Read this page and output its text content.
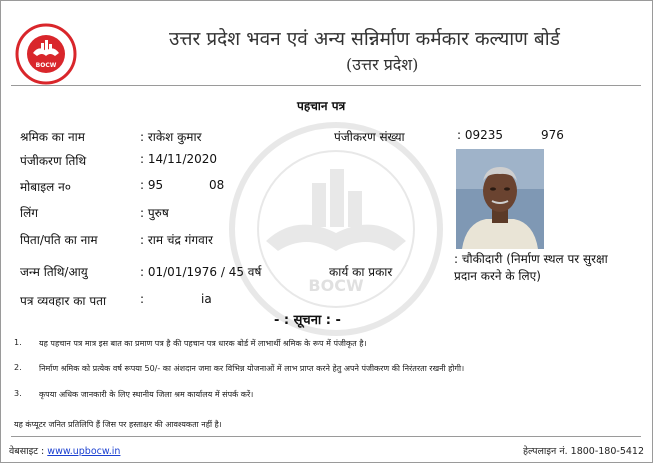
BOCW
उत्तर प्रदेश भवन एवं अन्य सन्निर्माण कर्मकार कल्याण बोर्ड
(उत्तर प्रदेश)
पहचान पत्र
BOCW
श्रमिक का नाम	: राकेश कुमार
पंजीकरण तिथि	: 14/11/2020
मोबाइल न०	: 95	08
लिंग	: पुरुष
पिता/पति का नाम	: राम चंद्र गंगवार
जन्म तिथि/आयु	: 01/01/1976 / 45 वर्ष
पत्र व्यवहार का पता	:	ia
पंजीकरण संख्या	: 09235	976
कार्य का प्रकार
: चौकीदारी (निर्माण स्थल पर सुरक्षा
प्रदान करने के लिए)
- : सूचना : -
1. यह पहचान पत्र मात्र इस बात का प्रमाण पत्र है की पहचान पत्र धारक बोर्ड में लाभार्थी श्रमिक के रूप में पंजीकृत है।
2. निर्माण श्रमिक को प्रत्येक वर्ष रूपया 50/- का अंशदान जमा कर विभिन्न योजनाओं में लाभ प्राप्त करने हेतु अपने पंजीकरण की निरंतरता रखनी होगी।
3. कृपया अधिक जानकारी के लिए स्थानीय जिला श्रम कार्यालय में संपर्क करें।
यह कंप्यूटर जनित प्रतिलिपि हैं जिस पर हस्ताक्षर की आवश्यकता नहीं है।
वेबसाइट : www.upbocw.in	हेल्पलाइन नं. 1800-180-5412
